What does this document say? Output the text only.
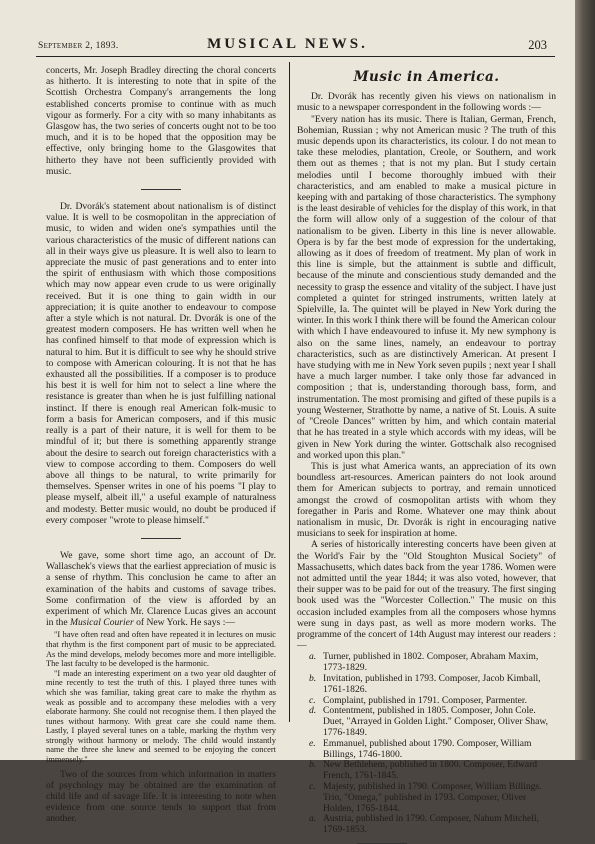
September 2, 1893.	MUSICAL NEWS.	203

concerts, Mr. Joseph Bradley directing the choral concerts as hitherto. It is interesting to note that in spite of the Scottish Orchestra Company's arrangements the long established concerts promise to continue with as much vigour as formerly. For a city with so many inhabitants as Glasgow has, the two series of concerts ought not to be too much, and it is to be hoped that the opposition may be effective, only bringing home to the Glasgowites that hitherto they have not been sufficiently provided with music.

Dr. Dvorák's statement about nationalism is of distinct value. It is well to be cosmopolitan in the appreciation of music, to widen and widen one's sympathies until the various characteristics of the music of different nations can all in their ways give us pleasure. It is well also to learn to appreciate the music of past generations and to enter into the spirit of enthusiasm with which those compositions which may now appear even crude to us were originally received. But it is one thing to gain width in our appreciation; it is quite another to endeavour to compose after a style which is not natural. Dr. Dvorák is one of the greatest modern composers. He has written well when he has confined himself to that mode of expression which is natural to him. But it is difficult to see why he should strive to compose with American colouring. It is not that he has exhausted all the possibilities. If a composer is to produce his best it is well for him not to select a line where the resistance is greater than when he is just fulfilling national instinct. If there is enough real American folk-music to form a basis for American composers, and if this music really is a part of their nature, it is well for them to be mindful of it; but there is something apparently strange about the desire to search out foreign characteristics with a view to compose according to them. Composers do well above all things to be natural, to write primarily for themselves. Spenser writes in one of his poems "I play to please myself, albeit ill," a useful example of naturalness and modesty. Better music would, no doubt be produced if every composer "wrote to please himself."

We gave, some short time ago, an account of Dr. Wallaschek's views that the earliest appreciation of music is a sense of rhythm. This conclusion he came to after an examination of the habits and customs of savage tribes. Some confirmation of the view is afforded by an experiment of which Mr. Clarence Lucas gives an account in the Musical Courier of New York. He says :—

"I have often read and often have repeated it in lectures on music that rhythm is the first component part of music to be appreciated. As the mind develops, melody becomes more and more intelligible. The last faculty to be developed is the harmonic.

"I made an interesting experiment on a two year old daughter of mine recently to test the truth of this. I played three tunes with which she was familiar, taking great care to make the rhythm as weak as possible and to accompany these melodies with a very elaborate harmony. She could not recognise them. I then played the tunes without harmony. With great care she could name them. Lastly, I played several tunes on a table, marking the rhythm very strongly without harmony or melody. The child would instantly name the three she knew and seemed to be enjoying the concert immensely."

Two of the sources from which information in matters of psychology may be obtained are the examination of child life and of savage life. It is interesting to note when evidence from one source tends to support that from another.

Music in America.

Dr. Dvorák has recently given his views on nationalism in music to a newspaper correspondent in the following words :—

"Every nation has its music. There is Italian, German, French, Bohemian, Russian ; why not American music ? The truth of this music depends upon its characteristics, its colour. I do not mean to take these melodies, plantation, Creole, or Southern, and work them out as themes ; that is not my plan. But I study certain melodies until I become thoroughly imbued with their characteristics, and am enabled to make a musical picture in keeping with and partaking of those characteristics. The symphony is the least desirable of vehicles for the display of this work, in that the form will allow only of a suggestion of the colour of that nationalism to be given. Liberty in this line is never allowable. Opera is by far the best mode of expression for the undertaking, allowing as it does of freedom of treatment. My plan of work in this line is simple, but the attainment is subtle and difficult, because of the minute and conscientious study demanded and the necessity to grasp the essence and vitality of the subject. I have just completed a quintet for stringed instruments, written lately at Spielville, Ia. The quintet will be played in New York during the winter. In this work I think there will be found the American colour with which I have endeavoured to infuse it. My new symphony is also on the same lines, namely, an endeavour to portray characteristics, such as are distinctively American. At present I have studying with me in New York seven pupils ; next year I shall have a much larger number. I take only those far advanced in composition ; that is, understanding thorough bass, form, and instrumentation. The most promising and gifted of these pupils is a young Westerner, Strathotte by name, a native of St. Louis. A suite of "Creole Dances" written by him, and which contain material that he has treated in a style which accords with my ideas, will be given in New York during the winter. Gottschalk also recognised and worked upon this plan."

This is just what America wants, an appreciation of its own boundless art-resources. American painters do not look around them for American subjects to portray, and remain unnoticed amongst the crowd of cosmopolitan artists with whom they foregather in Paris and Rome. Whatever one may think about nationalism in music, Dr. Dvorák is right in encouraging native musicians to seek for inspiration at home.

A series of historically interesting concerts have been given at the World's Fair by the "Old Stoughton Musical Society" of Massachusetts, which dates back from the year 1786. Women were not admitted until the year 1844; it was also voted, however, that their supper was to be paid for out of the treasury. The first singing book used was the "Worcester Collection." The music on this occasion included examples from all the composers whose hymns were sung in days past, as well as more modern works. The programme of the concert of 14th August may interest our readers :—

a. Turner, published in 1802. Composer, Abraham Maxim, 1773-1829.
b. Invitation, published in 1793. Composer, Jacob Kimball, 1761-1826.
c. Complaint, published in 1791. Composer, Parmenter.
d. Contentment, published in 1805. Composer, John Cole.
Duet, "Arrayed in Golden Light." Composer, Oliver Shaw, 1776-1849.
e. Emmanuel, published about 1790. Composer, William Billings, 1746-1800.
b. New Bethlehem, published in 1800. Composer, Edward French, 1761-1845.
c. Majesty, published in 1790. Composer, William Billings.
Trio, "Omega," published in 1793. Composer, Oliver Holden, 1765-1844.
a. Austria, published in 1790. Composer, Nahum Mitchell, 1769-1853.
